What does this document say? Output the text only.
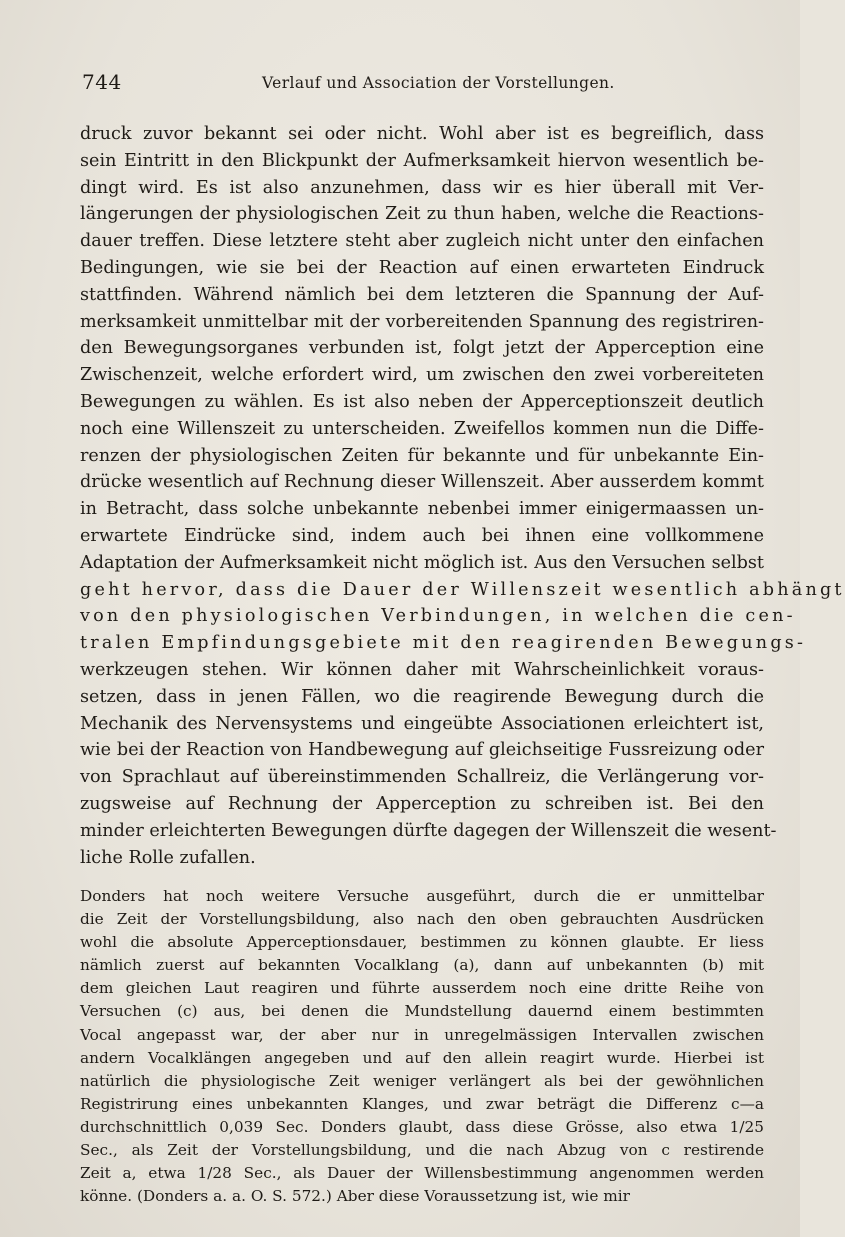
744	Verlauf und Association der Vorstellungen.
druck zuvor bekannt sei oder nicht. Wohl aber ist es begreiflich, dass
sein Eintritt in den Blickpunkt der Aufmerksamkeit hiervon wesentlich be-
dingt wird. Es ist also anzunehmen, dass wir es hier überall mit Ver-
längerungen der physiologischen Zeit zu thun haben, welche die Reactions-
dauer treffen. Diese letztere steht aber zugleich nicht unter den einfachen
Bedingungen, wie sie bei der Reaction auf einen erwarteten Eindruck
stattfinden. Während nämlich bei dem letzteren die Spannung der Auf-
merksamkeit unmittelbar mit der vorbereitenden Spannung des registriren-
den Bewegungsorganes verbunden ist, folgt jetzt der Apperception eine
Zwischenzeit, welche erfordert wird, um zwischen den zwei vorbereiteten
Bewegungen zu wählen. Es ist also neben der Apperceptionszeit deutlich
noch eine Willenszeit zu unterscheiden. Zweifellos kommen nun die Diffe-
renzen der physiologischen Zeiten für bekannte und für unbekannte Ein-
drücke wesentlich auf Rechnung dieser Willenszeit. Aber ausserdem kommt
in Betracht, dass solche unbekannte nebenbei immer einigermaassen un-
erwartete Eindrücke sind, indem auch bei ihnen eine vollkommene
Adaptation der Aufmerksamkeit nicht möglich ist. Aus den Versuchen selbst
geht hervor, dass die Dauer der Willenszeit wesentlich abhängt
von den physiologischen Verbindungen, in welchen die cen-
tralen Empfindungsgebiete mit den reagirenden Bewegungs-
werkzeugen stehen. Wir können daher mit Wahrscheinlichkeit voraus-
setzen, dass in jenen Fällen, wo die reagirende Bewegung durch die
Mechanik des Nervensystems und eingeübte Associationen erleichtert ist,
wie bei der Reaction von Handbewegung auf gleichseitige Fussreizung oder
von Sprachlaut auf übereinstimmenden Schallreiz, die Verlängerung vor-
zugsweise auf Rechnung der Apperception zu schreiben ist. Bei den
minder erleichterten Bewegungen dürfte dagegen der Willenszeit die wesent-
liche Rolle zufallen.
Donders hat noch weitere Versuche ausgeführt, durch die er unmittelbar
die Zeit der Vorstellungsbildung, also nach den oben gebrauchten Ausdrücken
wohl die absolute Apperceptionsdauer, bestimmen zu können glaubte. Er liess
nämlich zuerst auf bekannten Vocalklang (a), dann auf unbekannten (b) mit
dem gleichen Laut reagiren und führte ausserdem noch eine dritte Reihe von
Versuchen (c) aus, bei denen die Mundstellung dauernd einem bestimmten
Vocal angepasst war, der aber nur in unregelmässigen Intervallen zwischen
andern Vocalklängen angegeben und auf den allein reagirt wurde. Hierbei ist
natürlich die physiologische Zeit weniger verlängert als bei der gewöhnlichen
Registrirung eines unbekannten Klanges, und zwar beträgt die Differenz c—a
durchschnittlich 0,039 Sec. Donders glaubt, dass diese Grösse, also etwa 1/25
Sec., als Zeit der Vorstellungsbildung, und die nach Abzug von c restirende
Zeit a, etwa 1/28 Sec., als Dauer der Willensbestimmung angenommen werden
könne. (Donders a. a. O. S. 572.) Aber diese Voraussetzung ist, wie mir
